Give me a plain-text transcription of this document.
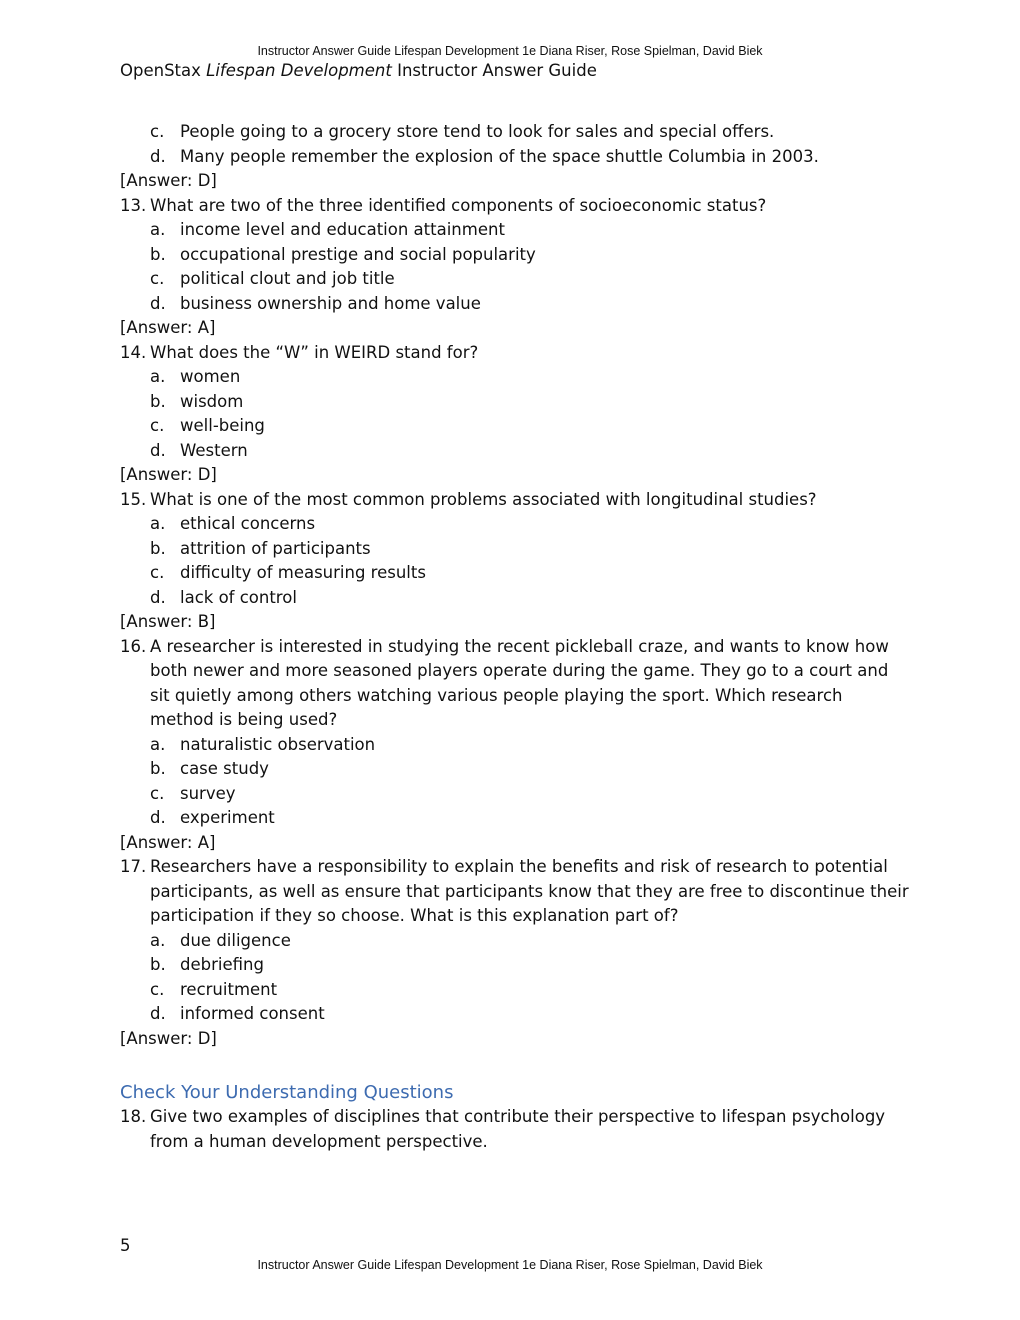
Instructor Answer Guide Lifespan Development 1e Diana Riser, Rose Spielman, David Biek
OpenStax Lifespan Development Instructor Answer Guide
c. People going to a grocery store tend to look for sales and special offers.
d. Many people remember the explosion of the space shuttle Columbia in 2003.
[Answer: D]
13. What are two of the three identified components of socioeconomic status?
a. income level and education attainment
b. occupational prestige and social popularity
c. political clout and job title
d. business ownership and home value
[Answer: A]
14. What does the “W” in WEIRD stand for?
a. women
b. wisdom
c. well-being
d. Western
[Answer: D]
15. What is one of the most common problems associated with longitudinal studies?
a. ethical concerns
b. attrition of participants
c. difficulty of measuring results
d. lack of control
[Answer: B]
16. A researcher is interested in studying the recent pickleball craze, and wants to know how both newer and more seasoned players operate during the game. They go to a court and sit quietly among others watching various people playing the sport. Which research method is being used?
a. naturalistic observation
b. case study
c. survey
d. experiment
[Answer: A]
17. Researchers have a responsibility to explain the benefits and risk of research to potential participants, as well as ensure that participants know that they are free to discontinue their participation if they so choose. What is this explanation part of?
a. due diligence
b. debriefing
c. recruitment
d. informed consent
[Answer: D]
Check Your Understanding Questions
18. Give two examples of disciplines that contribute their perspective to lifespan psychology from a human development perspective.
5
Instructor Answer Guide Lifespan Development 1e Diana Riser, Rose Spielman, David Biek
